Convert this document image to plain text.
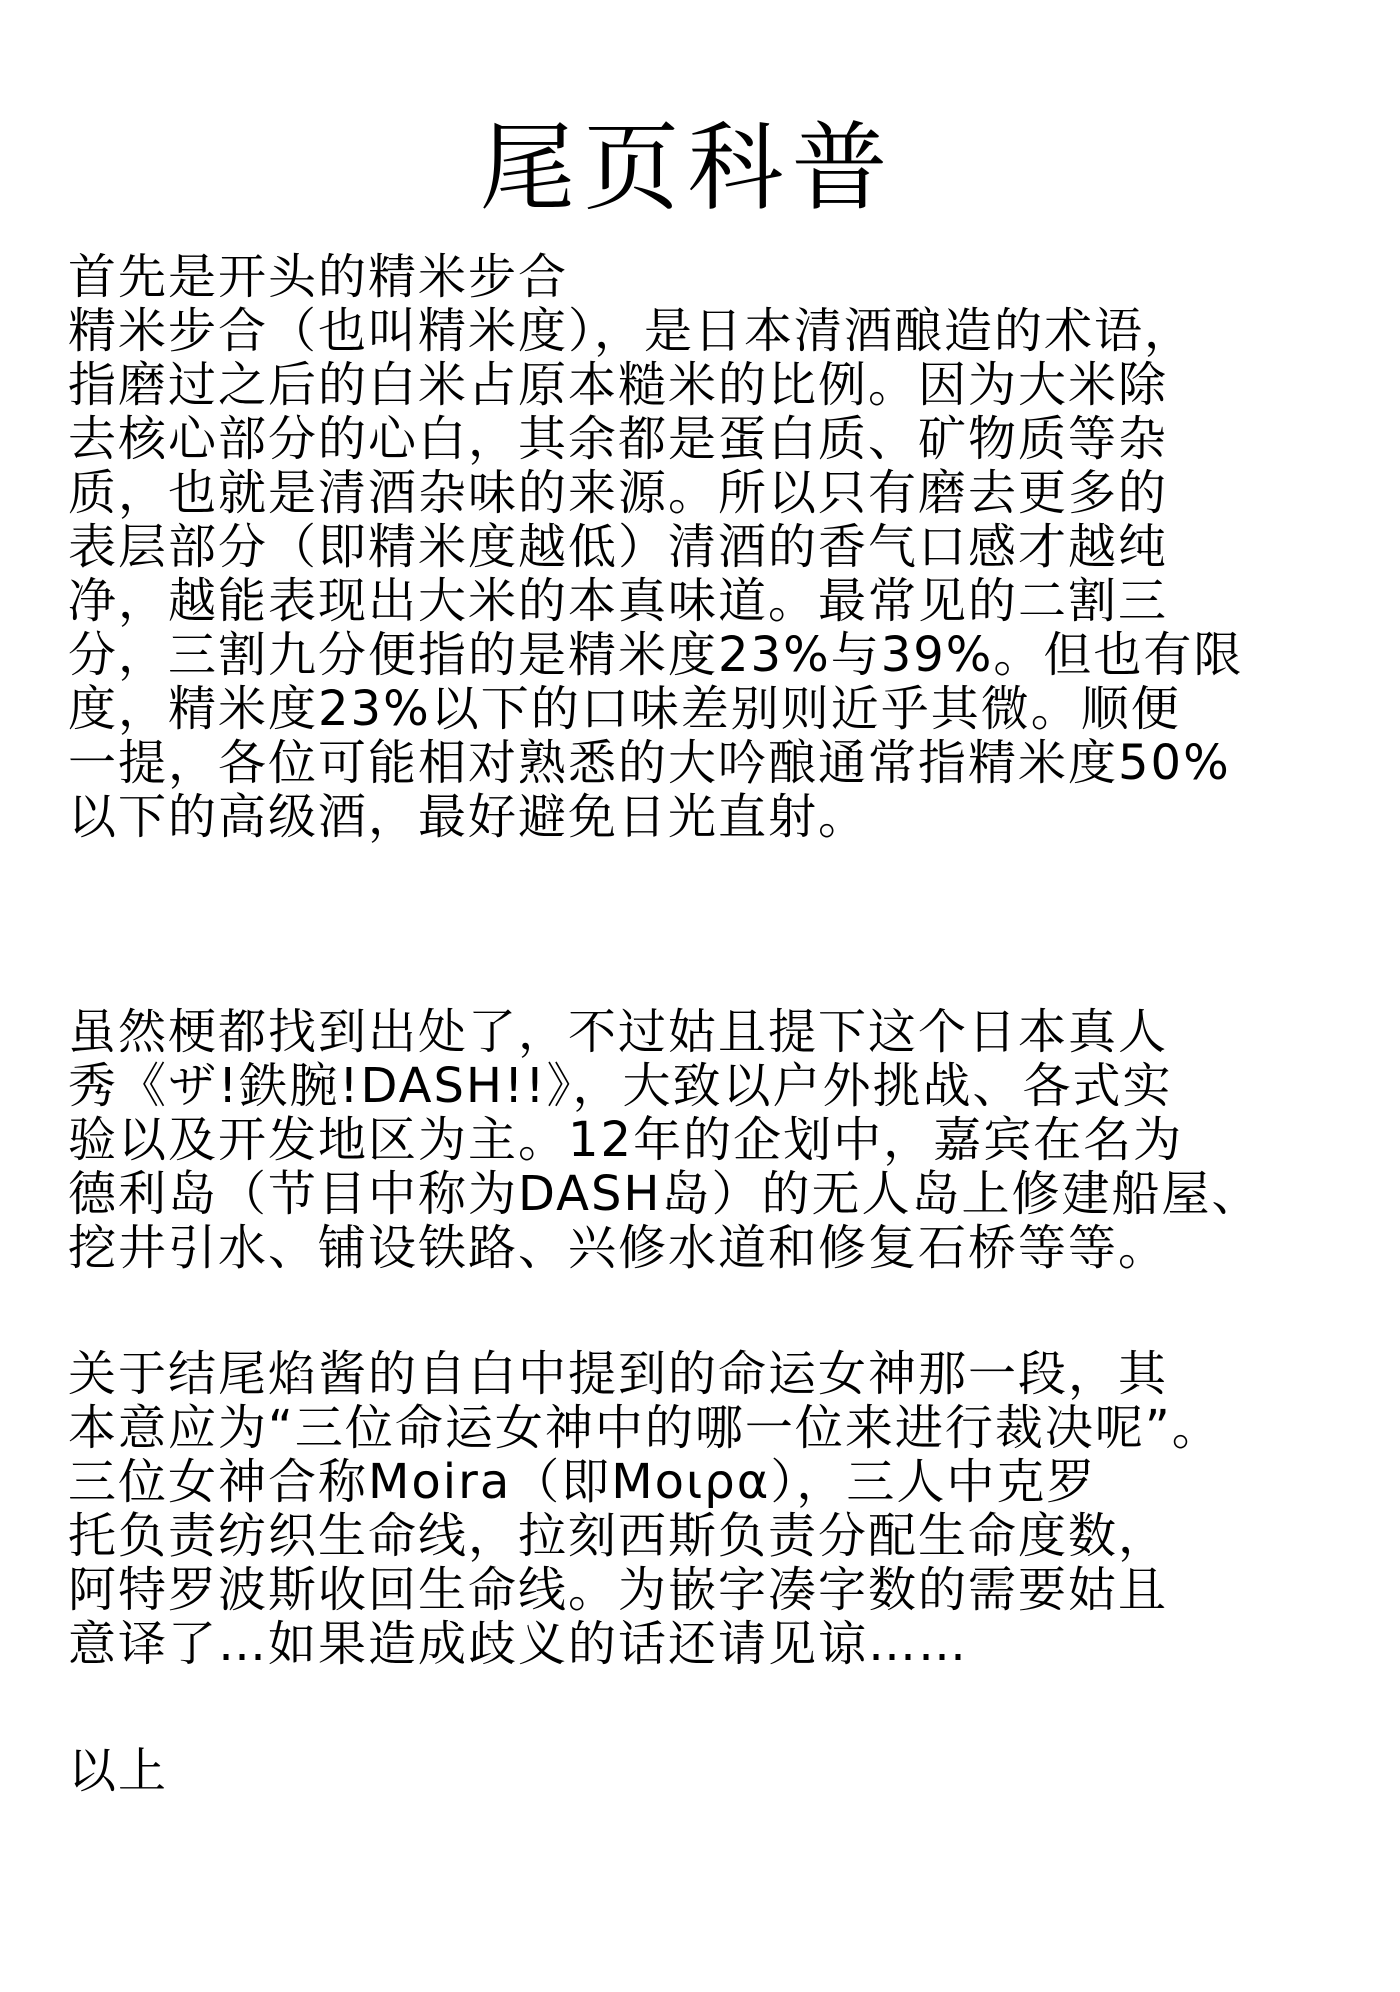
尾页科普

首先是开头的精米步合

精米步合（也叫精米度），是日本清酒酿造的术语，

指磨过之后的白米占原本糙米的比例。因为大米除

去核心部分的心白，其余都是蛋白质、矿物质等杂

质，也就是清酒杂味的来源。所以只有磨去更多的

表层部分（即精米度越低）清酒的香气口感才越纯

净，越能表现出大米的本真味道。最常见的二割三

分，三割九分便指的是精米度23%与39%。但也有限

度，精米度23%以下的口味差别则近乎其微。顺便

一提，各位可能相对熟悉的大吟酿通常指精米度50%

以下的高级酒，最好避免日光直射。

虽然梗都找到出处了，不过姑且提下这个日本真人

秀《ザ!鉄腕!DASH!!》，大致以户外挑战、各式实

验以及开发地区为主。12年的企划中，嘉宾在名为

德利岛（节目中称为DASH岛）的无人岛上修建船屋、

挖井引水、铺设铁路、兴修水道和修复石桥等等。

关于结尾焰酱的自白中提到的命运女神那一段，其

本意应为“三位命运女神中的哪一位来进行裁决呢”。

三位女神合称Moira（即Μοιρα），三人中克罗

托负责纺织生命线，拉刻西斯负责分配生命度数，

阿特罗波斯收回生命线。为嵌字凑字数的需要姑且

意译了…如果造成歧义的话还请见谅……

以上
